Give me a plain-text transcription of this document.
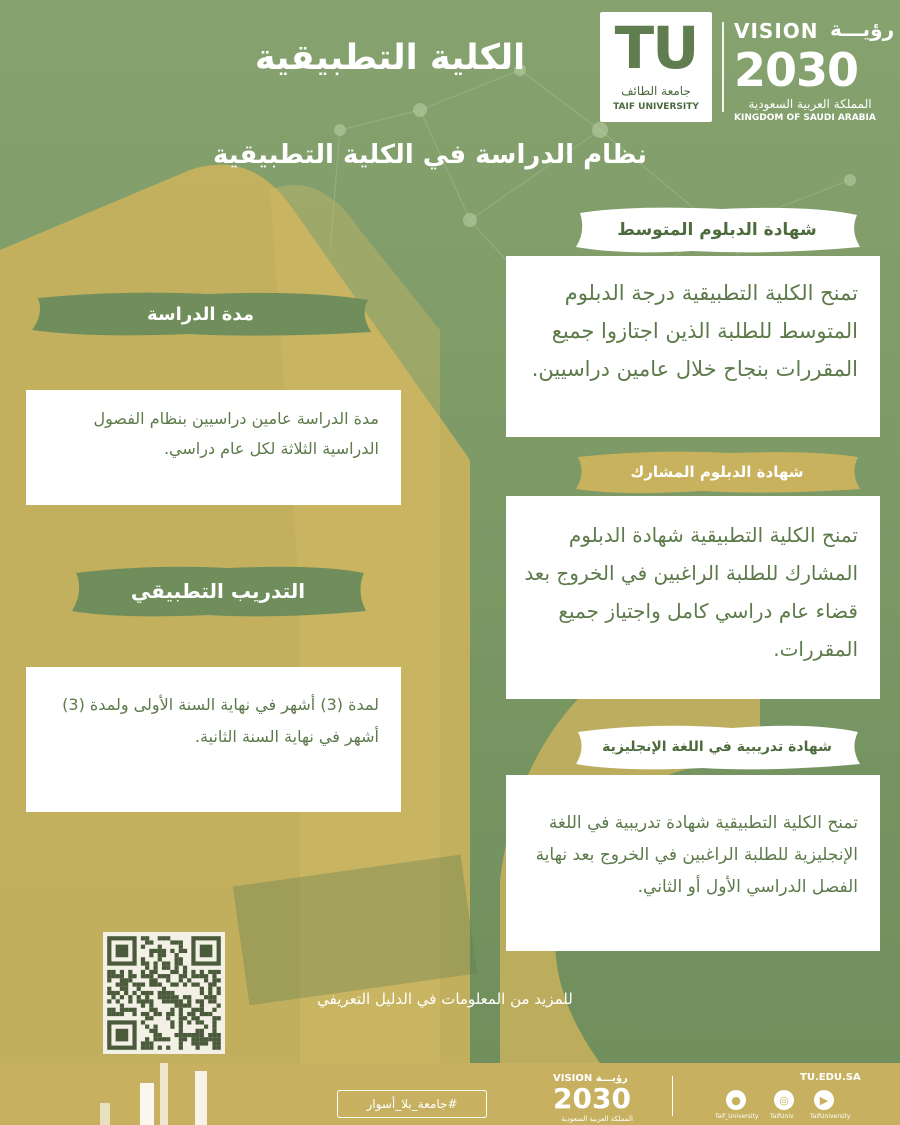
TU
جامعة الطائف
TAIF UNIVERSITY
VISION رؤيـــة
2030
المملكة العربية السعودية
KINGDOM OF SAUDI ARABIA
الكلية التطبيقية
نظام الدراسة في الكلية التطبيقية
شهادة الدبلوم المتوسط
تمنح الكلية التطبيقية درجة الدبلوم المتوسط للطلبة الذين اجتازوا جميع المقررات بنجاح خلال عامين دراسيين.
شهادة الدبلوم المشارك
تمنح الكلية التطبيقية شهادة الدبلوم المشارك للطلبة الراغبين في الخروج بعد قضاء عام دراسي كامل واجتياز جميع المقررات.
شهادة تدريبية في اللغة الإنجليزية
تمنح الكلية التطبيقية شهادة تدريبية في اللغة الإنجليزية للطلبة الراغبين في الخروج بعد نهاية الفصل الدراسي الأول أو الثاني.
مدة الدراسة
مدة الدراسة عامين دراسيين بنظام الفصول الدراسية الثلاثة لكل عام دراسي.
التدريب التطبيقي
لمدة (3) أشهر في نهاية السنة الأولى ولمدة (3) أشهر في نهاية السنة الثانية.
للمزيد من المعلومات في الدليل التعريفي
#جامعة_بلا_أسوار
VISION رؤيـــة
2030
المملكة العربية السعودية
TU.EDU.SA
●
Taif_University
◎
TaifUniv
▶
TaifUniversity
